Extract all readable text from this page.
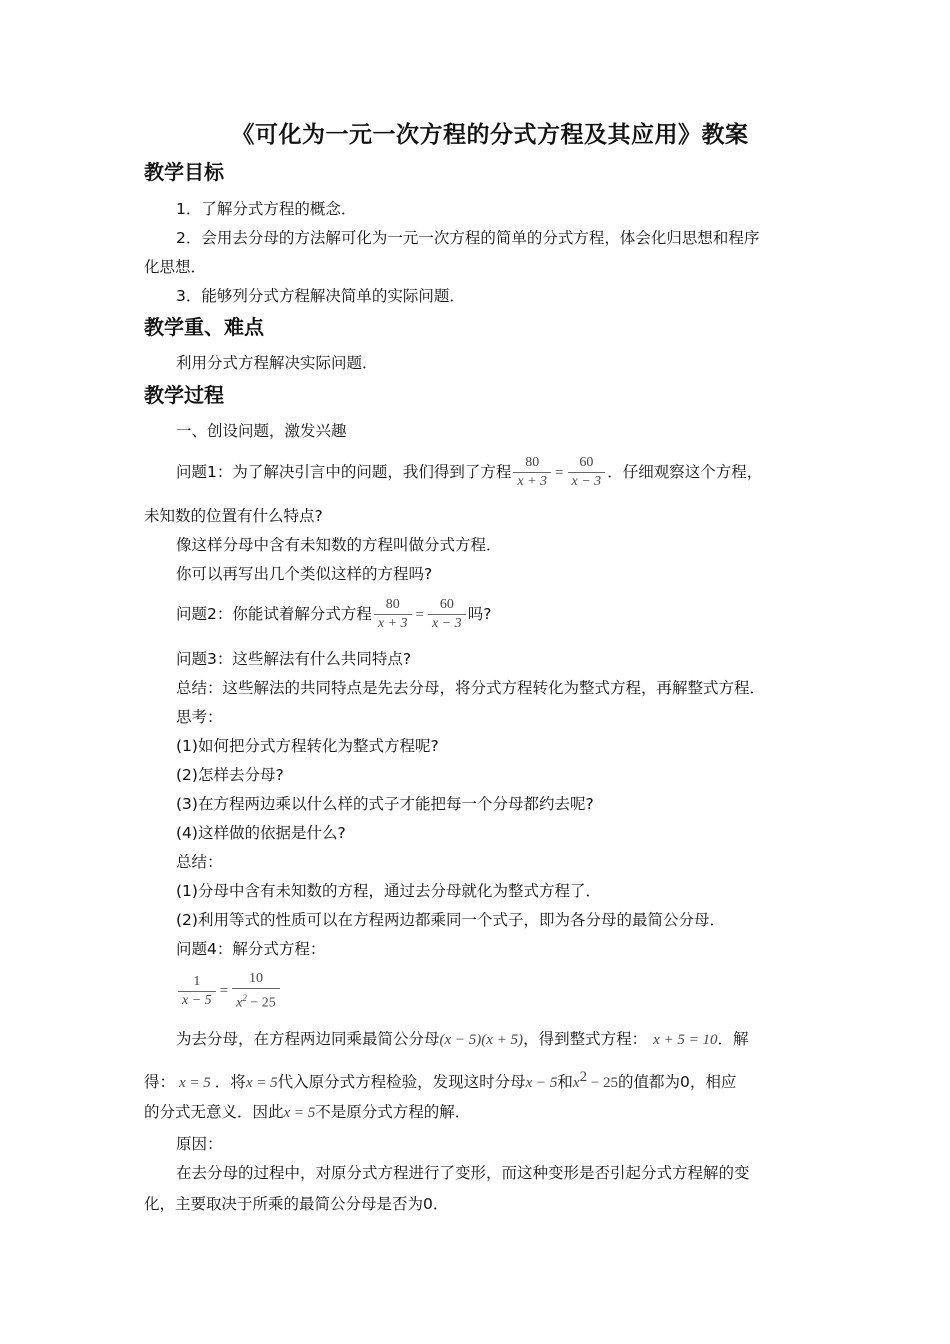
《可化为一元一次方程的分式方程及其应用》教案
教学目标
1．了解分式方程的概念．
2．会用去分母的方法解可化为一元一次方程的简单的分式方程，体会化归思想和程序
化思想．
3．能够列分式方程解决简单的实际问题．
教学重、难点
利用分式方程解决实际问题．
教学过程
一、创设问题，激发兴趣
问题1：为了解决引言中的问题，我们得到了方程 $\frac{80}{x + 3} = \frac{60}{x - 3}$ ．仔细观察这个方程，
未知数的位置有什么特点?
像这样分母中含有未知数的方程叫做分式方程．
你可以再写出几个类似这样的方程吗?
问题2：你能试着解分式方程 $\frac{80}{x + 3} = \frac{60}{x - 3}$ 吗?
问题3：这些解法有什么共同特点?
总结：这些解法的共同特点是先去分母，将分式方程转化为整式方程，再解整式方程．
思考：
(1)如何把分式方程转化为整式方程呢?
(2)怎样去分母?
(3)在方程两边乘以什么样的式子才能把每一个分母都约去呢?
(4)这样做的依据是什么?
总结：
(1)分母中含有未知数的方程，通过去分母就化为整式方程了．
(2)利用等式的性质可以在方程两边都乘同一个式子，即为各分母的最简公分母．
问题4：解分式方程：
$\frac{1}{x - 5} = \frac{10}{x^2 - 25}$
为去分母，在方程两边同乘最简公分母(x − 5)(x + 5)，得到整式方程： x + 5 = 10．解
得： x = 5 ．将x = 5代入原分式方程检验，发现这时分母x − 5和$x^2 - 25$的值都为0，相应
的分式无意义．因此x = 5不是原分式方程的解．
原因：
在去分母的过程中，对原分式方程进行了变形，而这种变形是否引起分式方程解的变
化，主要取决于所乘的最简公分母是否为0．
